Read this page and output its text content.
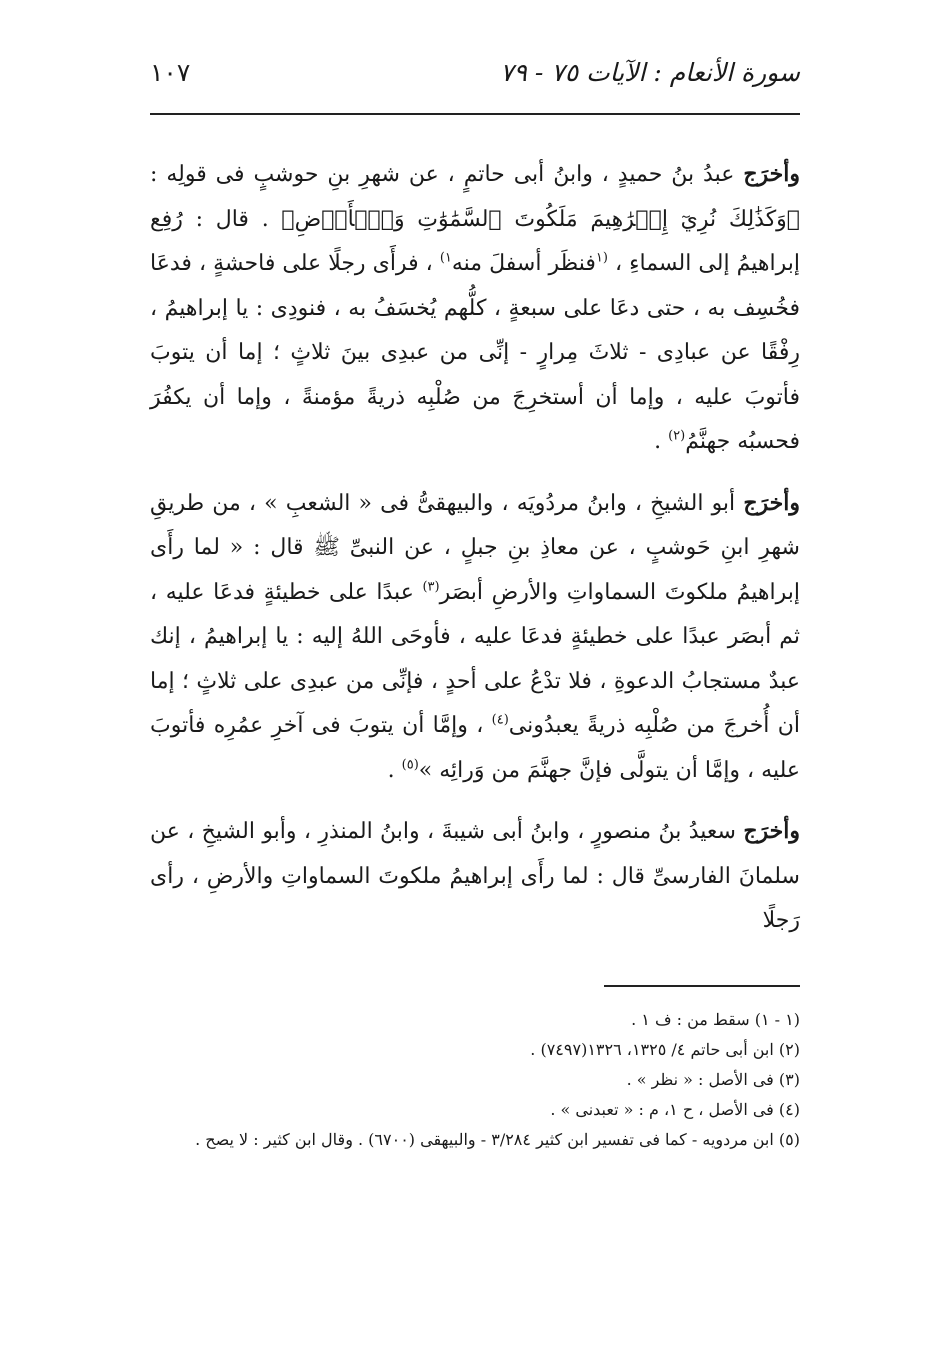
سورة الأنعام : الآيات ٧٥ - ٧٩
١٠٧

وأخرَج عبدُ بنُ حميدٍ ، وابنُ أبى حاتمٍ ، عن شهرِ بنِ حوشبٍ فى قولِه : ﴿وَكَذَٰلِكَ نُرِيٓ إِبۡرَٰهِيمَ مَلَكُوتَ ٱلسَّمَٰوَٰتِ وَٱلۡأَرۡضِ﴾ . قال : رُفِع إبراهيمُ إلى السماءِ ، $^{(١}$فنظَر أسفلَ منه$^{١)}$ ، فرأَى رجلًا على فاحشةٍ ، فدعَا فخُسِف به ، حتى دعَا على سبعةٍ ، كلُّهم يُخسَفُ به ، فنودِى : يا إبراهيمُ ، رِفْقًا عن عبادِى - ثلاثَ مِرارٍ - إنِّى من عبدِى بينَ ثلاثٍ ؛ إما أن يتوبَ فأتوبَ عليه ، وإما أن أستخرِجَ من صُلْبِه ذريةً مؤمنةً ، وإما أن يكفُرَ فحسبُه جهنَّمُ$^{(٢)}$ .

وأخرَج أبو الشيخِ ، وابنُ مردُويَه ، والبيهقىُّ فى « الشعبِ » ، من طريقِ شهرِ ابنِ حَوشبٍ ، عن معاذِ بنِ جبلٍ ، عن النبىِّ ﷺ قال : « لما رأَى إبراهيمُ ملكوتَ السماواتِ والأرضِ أبصَر$^{(٣)}$ عبدًا على خطيئةٍ فدعَا عليه ، ثم أبصَر عبدًا على خطيئةٍ فدعَا عليه ، فأوحَى اللهُ إليه : يا إبراهيمُ ، إنك عبدٌ مستجابُ الدعوةِ ، فلا تدْعُ على أحدٍ ، فإنِّى من عبدِى على ثلاثٍ ؛ إما أن أُخرجَ من صُلْبِه ذريةً يعبدُونى$^{(٤)}$ ، وإمَّا أن يتوبَ فى آخرِ عمُرِه فأتوبَ عليه ، وإمَّا أن يتولَّى فإنَّ جهنَّمَ من وَرائِه »$^{(٥)}$ .

وأخرَج سعيدُ بنُ منصورٍ ، وابنُ أبى شيبةَ ، وابنُ المنذرِ ، وأبو الشيخِ ، عن سلمانَ الفارسىِّ قال : لما رأَى إبراهيمُ ملكوتَ السماواتِ والأرضِ ، رأى رَجلًا

(١ - ١) سقط من : ف ١ .

(٢) ابن أبى حاتم ٤/ ١٣٢٥، ١٣٢٦(٧٤٩٧) .

(٣) فى الأصل : « نظر » .

(٤) فى الأصل ، ح ١، م : « تعبدنى » .

(٥) ابن مردويه - كما فى تفسير ابن كثير ٣/٢٨٤ - والبيهقى (٦٧٠٠) . وقال ابن كثير : لا يصح .
